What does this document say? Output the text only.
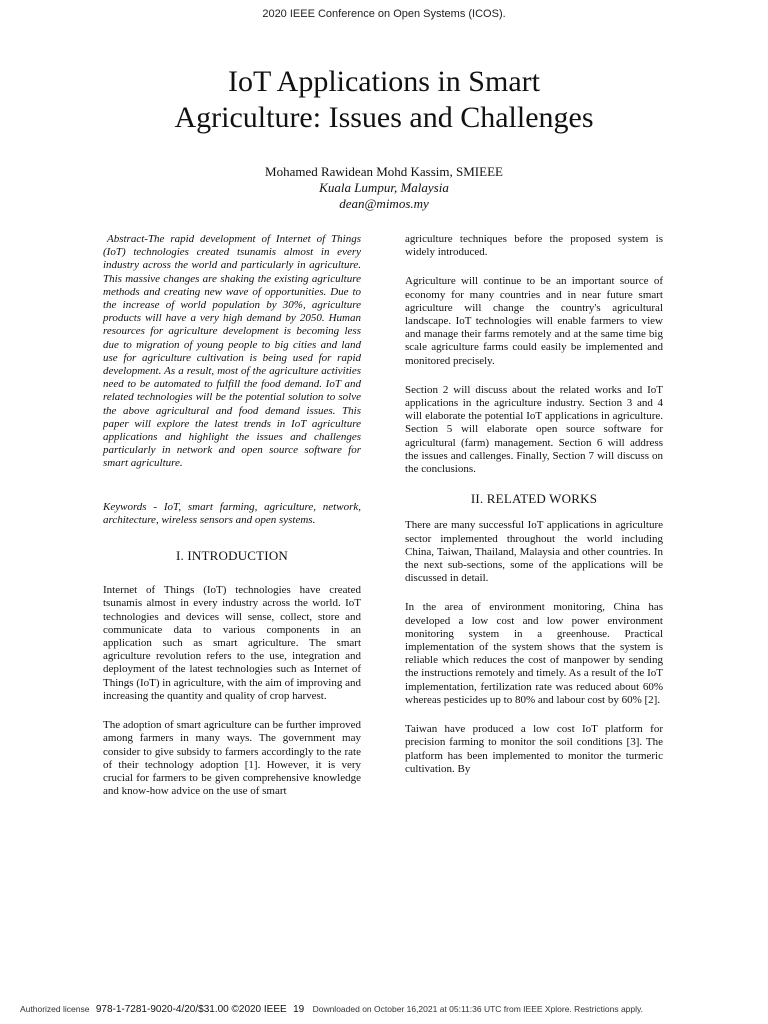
2020 IEEE Conference on Open Systems (ICOS).
IoT Applications in Smart
Agriculture: Issues and Challenges
Mohamed Rawidean Mohd Kassim, SMIEEE
Kuala Lumpur, Malaysia
dean@mimos.my

Abstract-The rapid development of Internet of Things (IoT) technologies created tsunamis almost in every industry across the world and particularly in agriculture. This massive changes are shaking the existing agriculture methods and creating new wave of opportunities. Due to the increase of world population by 30%, agriculture products will have a very high demand by 2050. Human resources for agriculture development is becoming less due to migration of young people to big cities and land use for agriculture cultivation is being used for rapid development. As a result, most of the agriculture activities need to be automated to fulfill the food demand. IoT and related technologies will be the potential solution to solve the above agricultural and food demand issues. This paper will explore the latest trends in IoT agriculture applications and highlight the issues and challenges particularly in network and open source software for smart agriculture.

Keywords - IoT, smart farming, agriculture, network, architecture, wireless sensors and open systems.

I. INTRODUCTION

Internet of Things (IoT) technologies have created tsunamis almost in every industry across the world. IoT technologies and devices will sense, collect, store and communicate data to various components in an application such as smart agriculture. The smart agriculture revolution refers to the use, integration and deployment of the latest technologies such as Internet of Things (IoT) in agriculture, with the aim of improving and increasing the quantity and quality of crop harvest.

The adoption of smart agriculture can be further improved among farmers in many ways. The government may consider to give subsidy to farmers accordingly to the rate of their technology adoption [1]. However, it is very crucial for farmers to be given comprehensive knowledge and know-how advice on the use of smart

agriculture techniques before the proposed system is widely introduced.

Agriculture will continue to be an important source of economy for many countries and in near future smart agriculture will change the country's agricultural landscape. IoT technologies will enable farmers to view and manage their farms remotely and at the same time big scale agriculture farms could easily be implemented and monitored precisely.

Section 2 will discuss about the related works and IoT applications in the agriculture industry. Section 3 and 4 will elaborate the potential IoT applications in agriculture. Section 5 will elaborate open source software for agricultural (farm) management. Section 6 will address the issues and callenges. Finally, Section 7 will discuss on the conclusions.

II. RELATED WORKS

There are many successful IoT applications in agriculture sector implemented throughout the world including China, Taiwan, Thailand, Malaysia and other countries. In the next sub-sections, some of the applications will be discussed in detail.

In the area of environment monitoring, China has developed a low cost and low power environment monitoring system in a greenhouse. Practical implementation of the system shows that the system is reliable which reduces the cost of manpower by sending the instructions remotely and timely. As a result of the IoT implementation, fertilization rate was reduced about 60% whereas pesticides up to 80% and labour cost by 60% [2].

Taiwan have produced a low cost IoT platform for precision farming to monitor the soil conditions [3]. The platform has been implemented to monitor the turmeric cultivation. By

Authorized license 978-1-7281-9020-4/20/$31.00 ©2020 IEEE 19 Downloaded on October 16,2021 at 05:11:36 UTC from IEEE Xplore. Restrictions apply.
